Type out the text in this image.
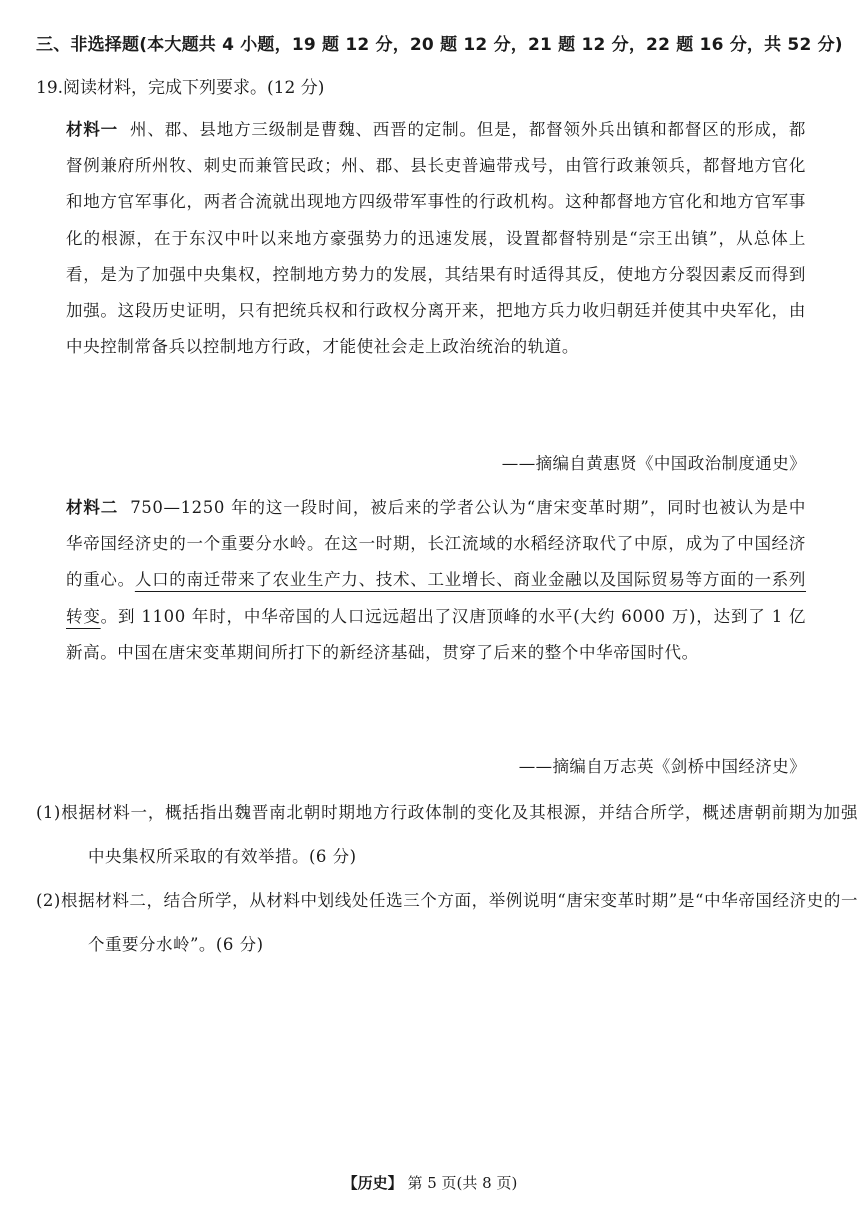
三、非选择题(本大题共 4 小题，19 题 12 分，20 题 12 分，21 题 12 分，22 题 16 分，共 52 分)
19.阅读材料，完成下列要求。(12 分)
材料一 州、郡、县地方三级制是曹魏、西晋的定制。但是，都督领外兵出镇和都督区的形成，都督例兼府所州牧、刺史而兼管民政；州、郡、县长吏普遍带戎号，由管行政兼领兵，都督地方官化和地方官军事化，两者合流就出现地方四级带军事性的行政机构。这种都督地方官化和地方官军事化的根源，在于东汉中叶以来地方豪强势力的迅速发展，设置都督特别是“宗王出镇”，从总体上看，是为了加强中央集权，控制地方势力的发展，其结果有时适得其反，使地方分裂因素反而得到加强。这段历史证明，只有把统兵权和行政权分离开来，把地方兵力收归朝廷并使其中央军化，由中央控制常备兵以控制地方行政，才能使社会走上政治统治的轨道。
——摘编自黄惠贤《中国政治制度通史》
材料二 750—1250 年的这一段时间，被后来的学者公认为“唐宋变革时期”，同时也被认为是中华帝国经济史的一个重要分水岭。在这一时期，长江流域的水稻经济取代了中原，成为了中国经济的重心。人口的南迁带来了农业生产力、技术、工业增长、商业金融以及国际贸易等方面的一系列转变。到 1100 年时，中华帝国的人口远远超出了汉唐顶峰的水平(大约 6000 万)，达到了 1 亿新高。中国在唐宋变革期间所打下的新经济基础，贯穿了后来的整个中华帝国时代。
——摘编自万志英《剑桥中国经济史》
(1)根据材料一，概括指出魏晋南北朝时期地方行政体制的变化及其根源，并结合所学，概述唐朝前期为加强中央集权所采取的有效举措。(6 分)
(2)根据材料二，结合所学，从材料中划线处任选三个方面，举例说明“唐宋变革时期”是“中华帝国经济史的一个重要分水岭”。(6 分)
【历史】 第 5 页(共 8 页)
